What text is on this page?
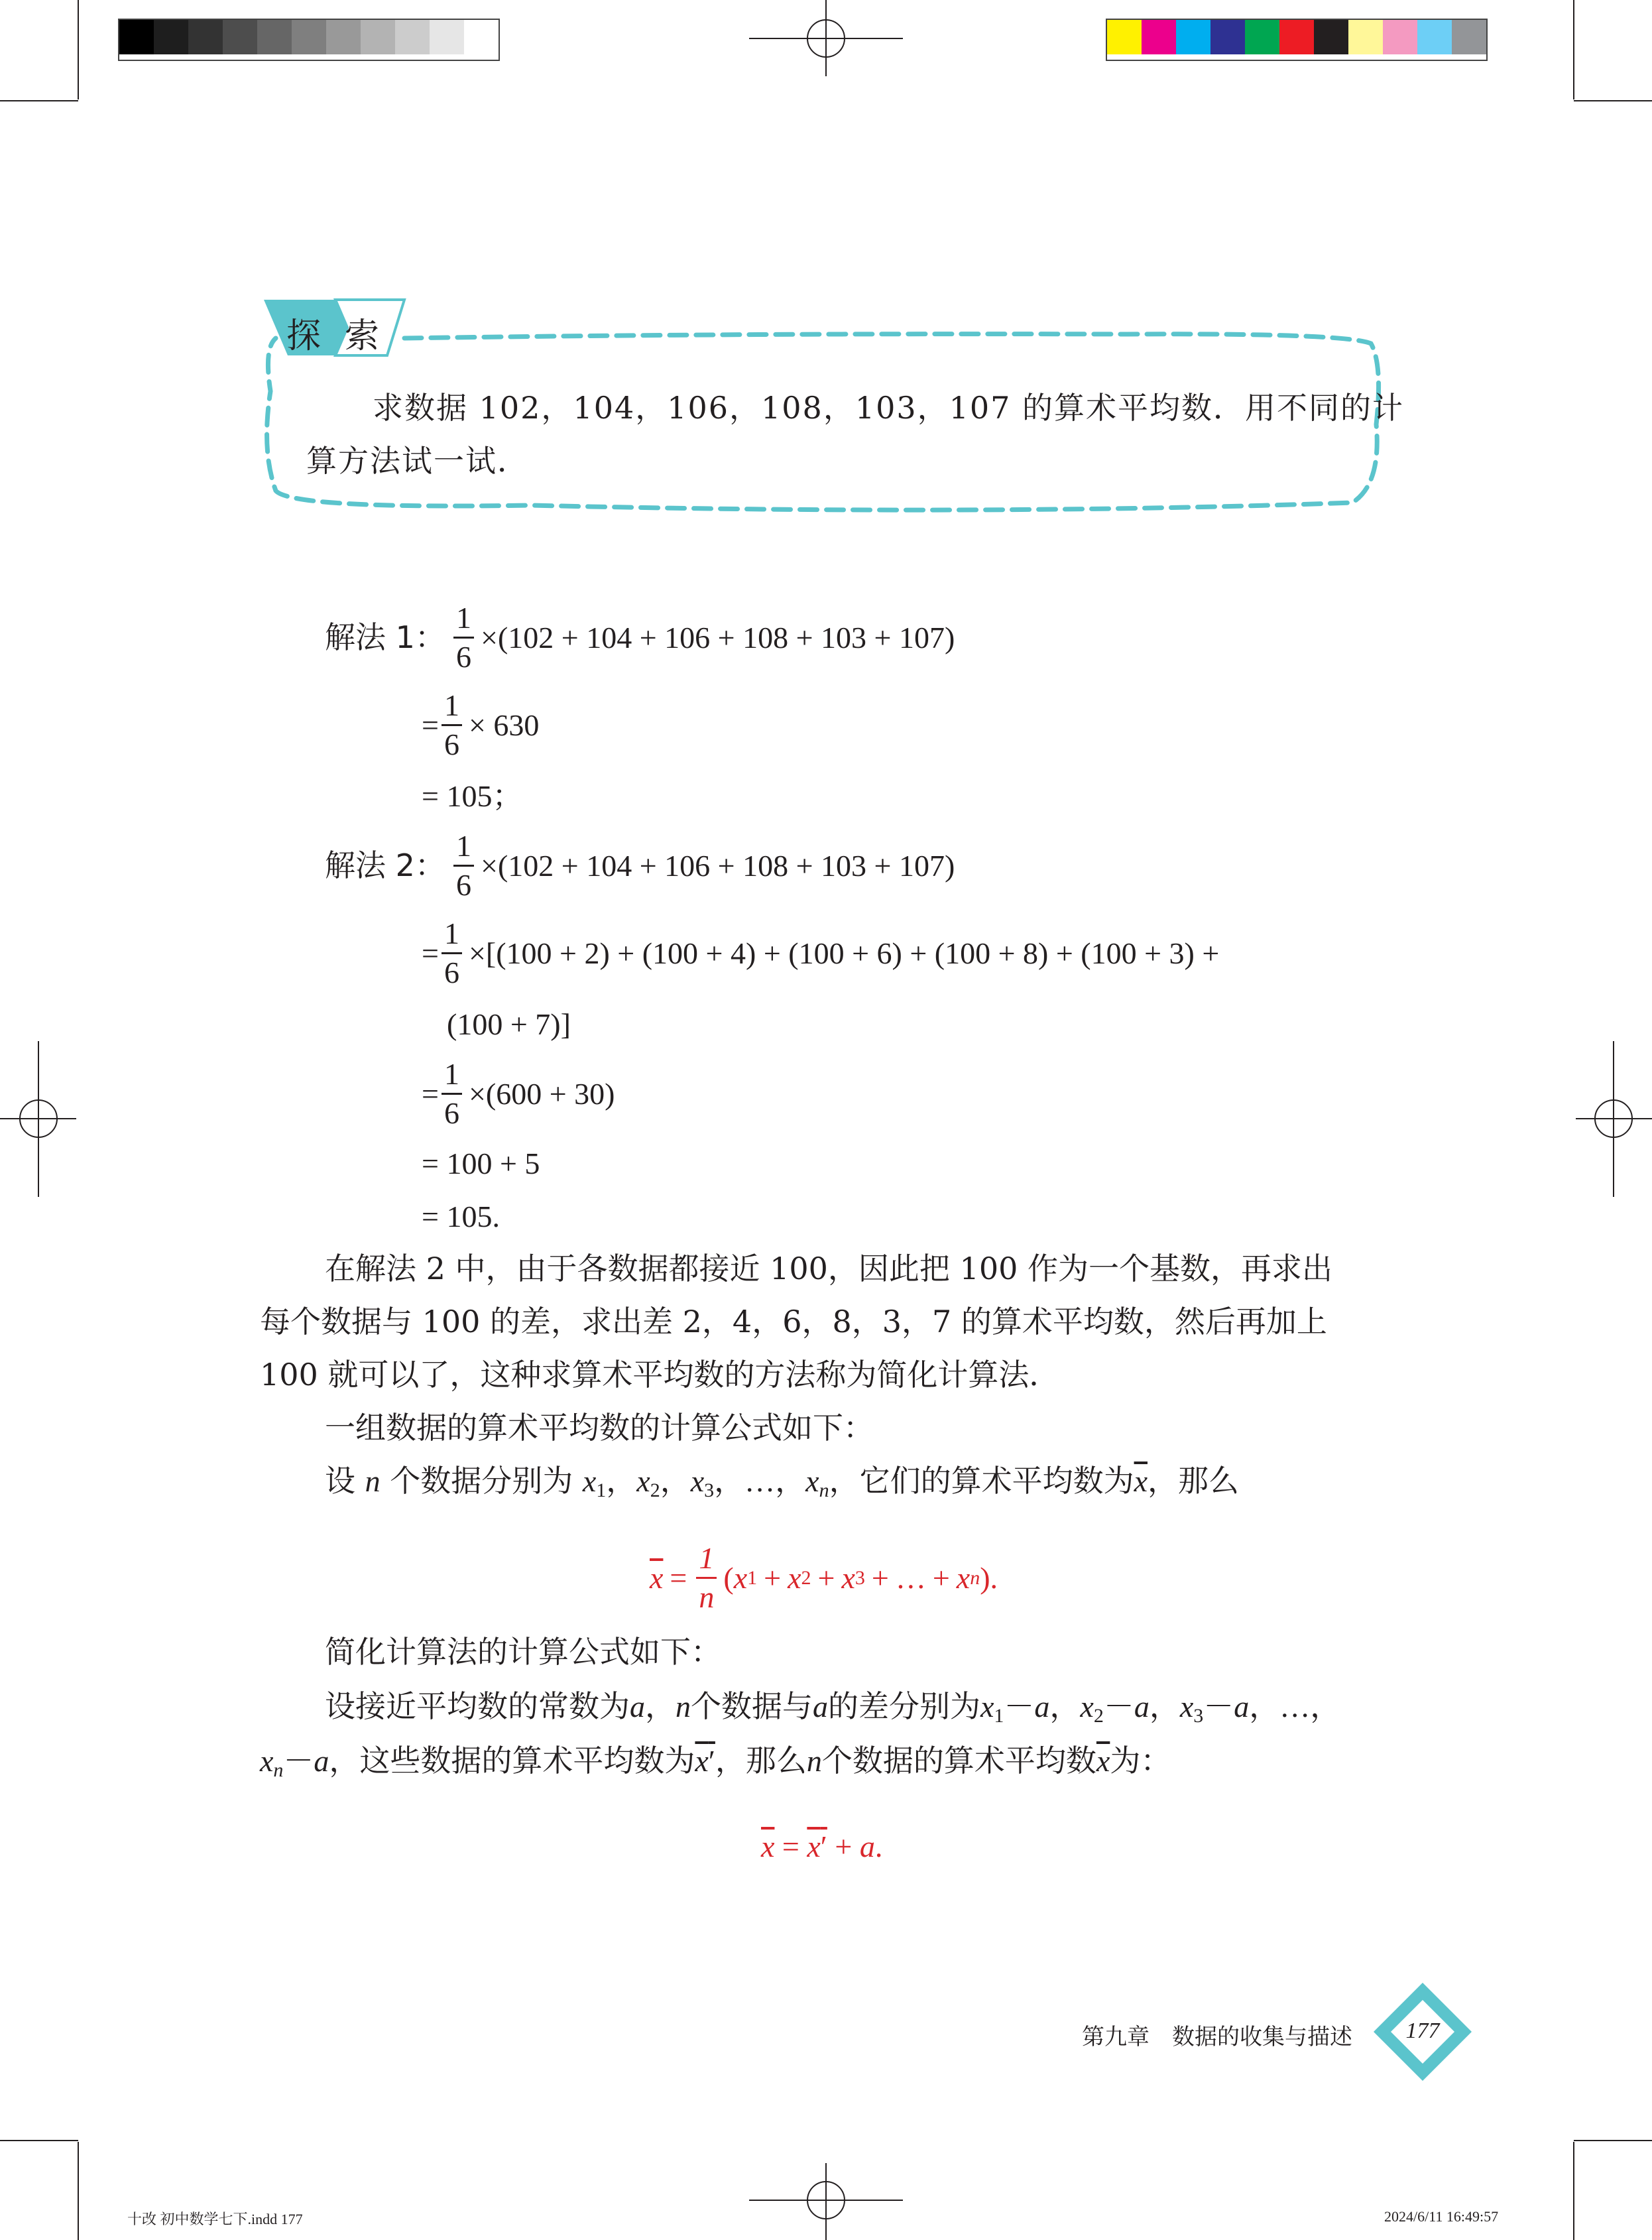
探 索
求数据 102，104，106，108，103，107 的算术平均数．用不同的计
算方法试一试．
解法 1： $\frac{1}{6} \times(102 + 104 + 106 + 108 + 103 + 107)$
= $\frac{1}{6} \times 630$
= 105；
解法 2： $\frac{1}{6} \times(102 + 104 + 106 + 108 + 103 + 107)$
= $\frac{1}{6} \times[(100 + 2) + (100 + 4) + (100 + 6) + (100 + 8) + (100 + 3)$ +
(100 + 7)]
= $\frac{1}{6} \times(600 + 30)$
= 100 + 5
= 105.
在解法 2 中，由于各数据都接近 100，因此把 100 作为一个基数，再求出
每个数据与 100 的差，求出差 2，4，6，8，3，7 的算术平均数，然后再加上
100 就可以了，这种求算术平均数的方法称为简化计算法．
一组数据的算术平均数的计算公式如下：
设 n 个数据分别为 $x_1$，$x_2$，$x_3$，…，$x_n$，它们的算术平均数为$\overline{x}$，那么
$\overline{x} = \frac{1}{n}$ ( x 1 + x 2 + x 3 + … + x n ) .
简化计算法的计算公式如下：
设接近平均数的常数为a，n个数据与a的差分别为$x_1-a$，$x_2-a$，$x_3-a$，…，
$x_n-a$，这些数据的算术平均数为$\overline{x}'$，那么n个数据的算术平均数$\overline{x}$为：
$\overline{x} = \overline{x}' + a$.
第九章　数据的收集与描述 177
十改 初中数学七下.indd 177	2024/6/11 16:49:57
